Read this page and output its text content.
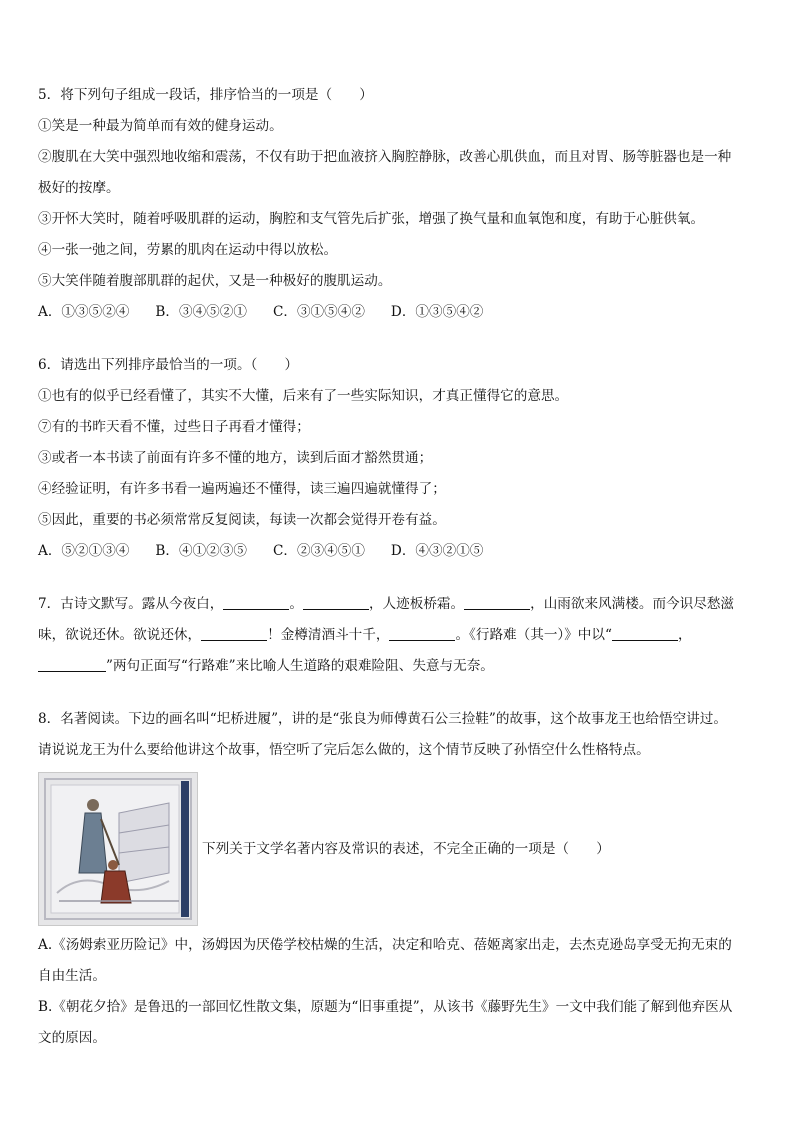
5．将下列句子组成一段话，排序恰当的一项是（　　）

①笑是一种最为简单而有效的健身运动。

②腹肌在大笑中强烈地收缩和震荡，不仅有助于把血液挤入胸腔静脉，改善心肌供血，而且对胃、肠等脏器也是一种

极好的按摩。

③开怀大笑时，随着呼吸肌群的运动，胸腔和支气管先后扩张，增强了换气量和血氧饱和度，有助于心脏供氧。

④一张一弛之间，劳累的肌肉在运动中得以放松。

⑤大笑伴随着腹部肌群的起伏，又是一种极好的腹肌运动。

A．①③⑤②④ B．③④⑤②① C．③①⑤④② D．①③⑤④②

6．请选出下列排序最恰当的一项。（　　）

①也有的似乎已经看懂了，其实不大懂，后来有了一些实际知识，才真正懂得它的意思。

⑦有的书昨天看不懂，过些日子再看才懂得；

③或者一本书读了前面有许多不懂的地方，读到后面才豁然贯通；

④经验证明，有许多书看一遍两遍还不懂得，读三遍四遍就懂得了；

⑤因此，重要的书必须常常反复阅读，每读一次都会觉得开卷有益。

A．⑤②①③④ B．④①②③⑤ C．②③④⑤① D．④③②①⑤

7．古诗文默写。露从今夜白，	。	，人迹板桥霜。	，山雨欲来风满楼。而今识尽愁滋

味，欲说还休。欲说还休，	！金樽清酒斗十千，	。《行路难（其一）》中以“	，

”两句正面写“行路难”来比喻人生道路的艰难险阻、失意与无奈。

8．名著阅读。下边的画名叫“圯桥进履”，讲的是“张良为师傅黄石公三捡鞋”的故事，这个故事龙王也给悟空讲过。

请说说龙王为什么要给他讲这个故事，悟空听了完后怎么做的，这个情节反映了孙悟空什么性格特点。

下列关于文学名著内容及常识的表述，不完全正确的一项是（　　）

A.《汤姆索亚历险记》中，汤姆因为厌倦学校枯燥的生活，决定和哈克、蓓姬离家出走，去杰克逊岛享受无拘无束的

自由生活。

B.《朝花夕拾》是鲁迅的一部回忆性散文集，原题为“旧事重提”，从该书《藤野先生》一文中我们能了解到他弃医从

文的原因。
